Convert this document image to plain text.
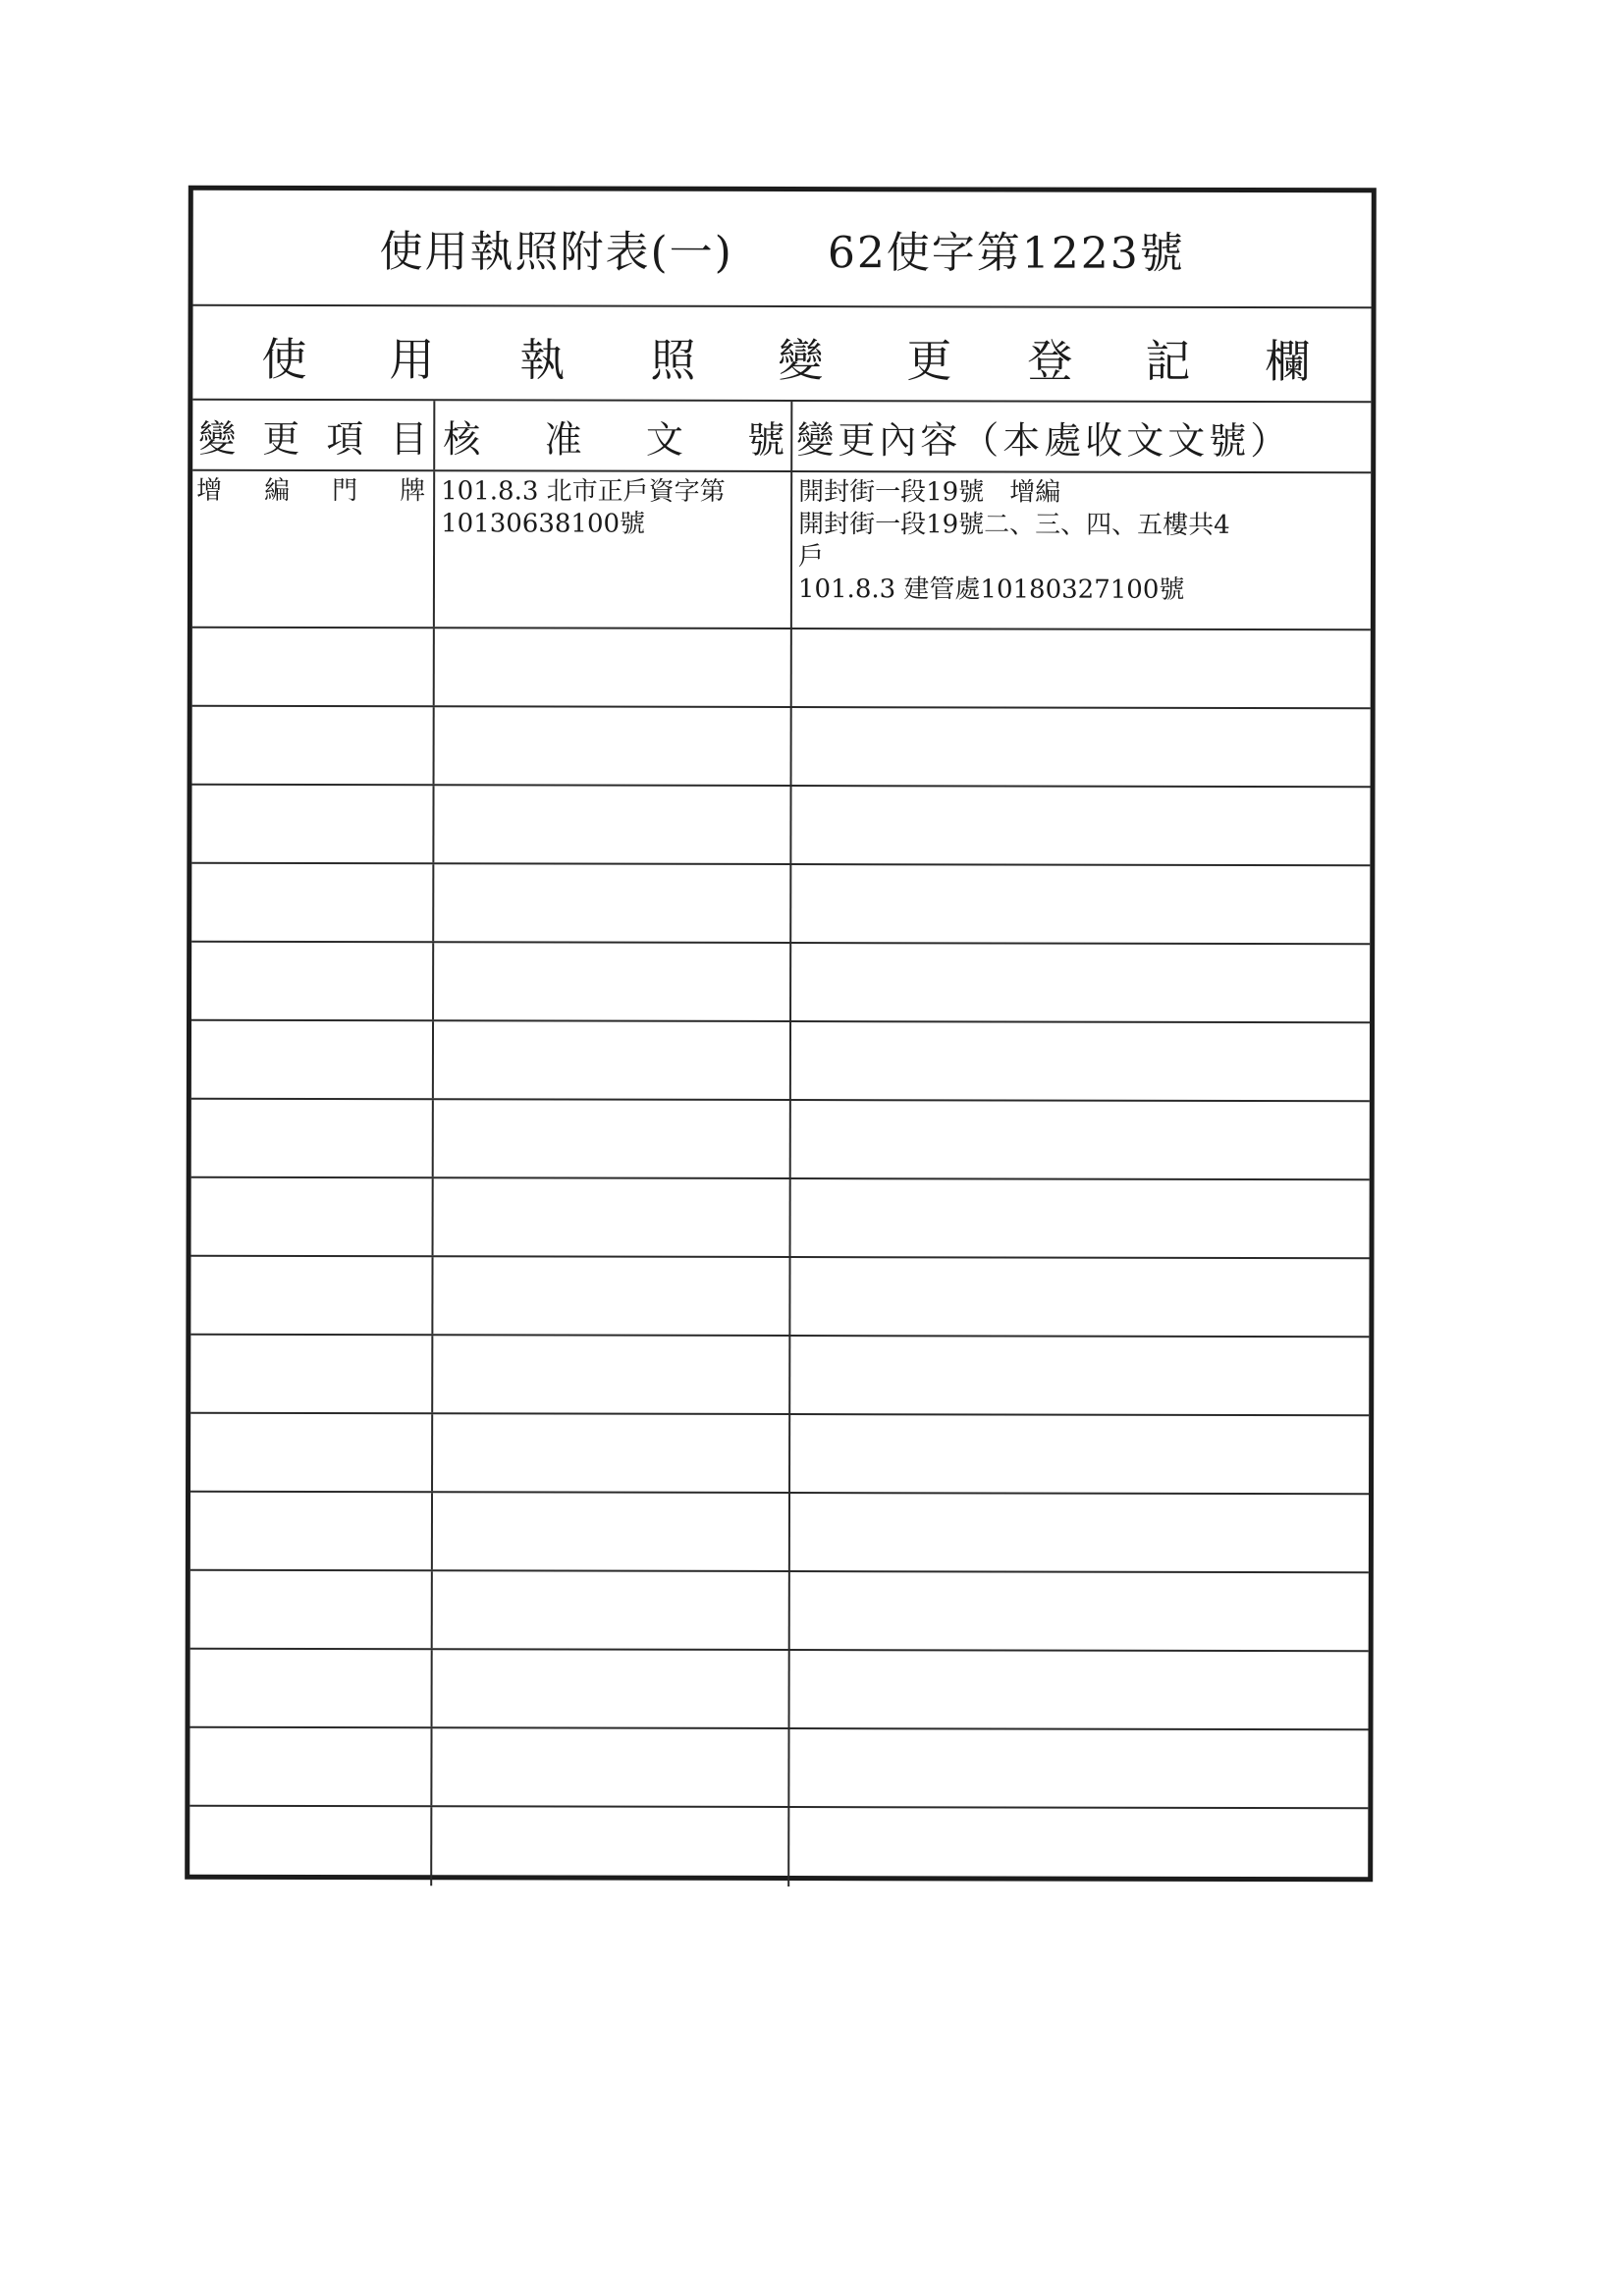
使用執照附表(一) 62使字第1223號
使 用 執 照 變 更 登 記 欄
變 更 項 目 核 准 文 號 變更內容（本處收文文號）
增 編 門 牌 101.8.3 北市正戶資字第
10130638100號
開封街一段19號　增編
開封街一段19號二、三、四、五樓共4
戶
101.8.3 建管處10180327100號
